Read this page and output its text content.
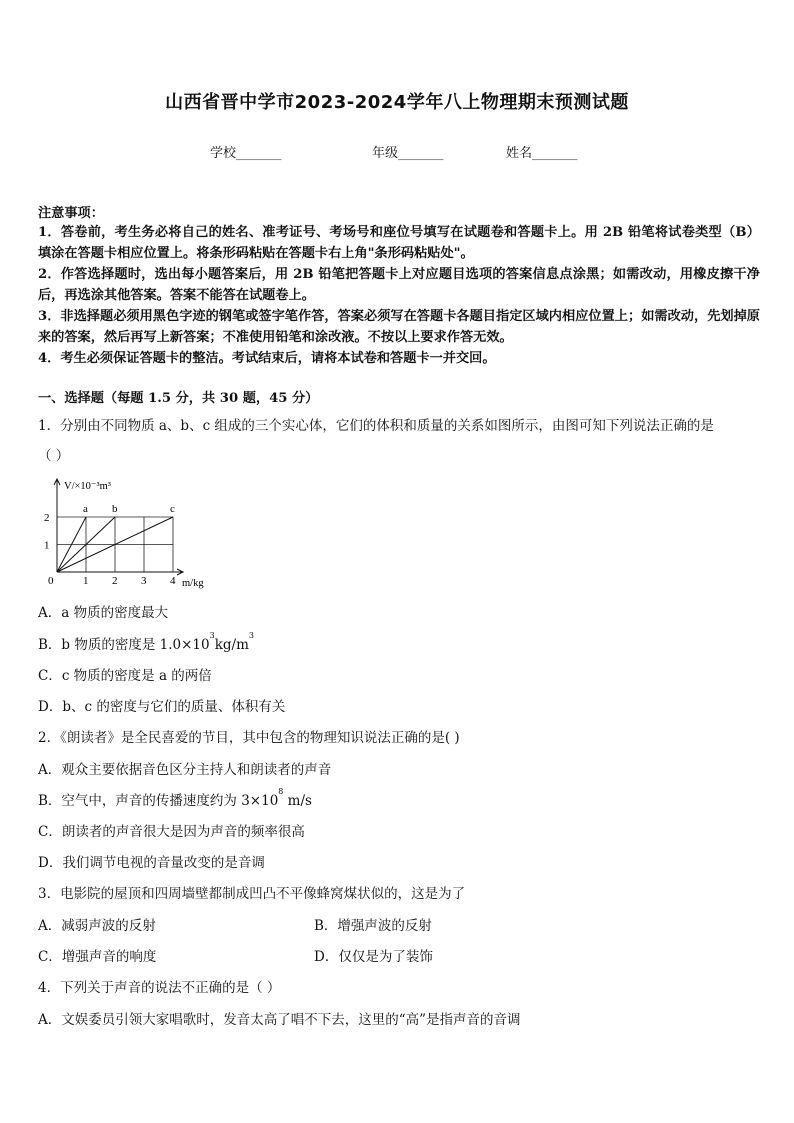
山西省晋中学市2023-2024学年八上物理期末预测试题
学校_______	年级_______	姓名_______
注意事项：
1．答卷前，考生务必将自己的姓名、准考证号、考场号和座位号填写在试题卷和答题卡上。用 2B 铅笔将试卷类型（B）填涂在答题卡相应位置上。将条形码粘贴在答题卡右上角"条形码粘贴处"。
2．作答选择题时，选出每小题答案后，用 2B 铅笔把答题卡上对应题目选项的答案信息点涂黑；如需改动，用橡皮擦干净后，再选涂其他答案。答案不能答在试题卷上。
3．非选择题必须用黑色字迹的钢笔或签字笔作答，答案必须写在答题卡各题目指定区域内相应位置上；如需改动，先划掉原来的答案，然后再写上新答案；不准使用铅笔和涂改液。不按以上要求作答无效。
4．考生必须保证答题卡的整洁。考试结束后，请将本试卷和答题卡一并交回。
一、选择题（每题 1.5 分，共 30 题，45 分）
1．分别由不同物质 a、b、c 组成的三个实心体，它们的体积和质量的关系如图所示，由图可知下列说法正确的是
（ ）
a b	c
0	1 2 3 4
1
2
V/×10⁻³m³
m/kg
A．a 物质的密度最大
B．b 物质的密度是 $1.0\times 10^3kg/m^3$
C．c 物质的密度是 a 的两倍
D．b、c 的密度与它们的质量、体积有关
2．《朗读者》是全民喜爱的节目，其中包含的物理知识说法正确的是( )
A．观众主要依据音色区分主持人和朗读者的声音
B．空气中，声音的传播速度约为 $3\times 10^8$ m/s
C．朗读者的声音很大是因为声音的频率很高
D．我们调节电视的音量改变的是音调
3．电影院的屋顶和四周墙壁都制成凹凸不平像蜂窝煤状似的，这是为了
A．减弱声波的反射	B．增强声波的反射
C．增强声音的响度	D．仅仅是为了装饰
4．下列关于声音的说法不正确的是（ ）
A．文娱委员引领大家唱歌时，发音太高了唱不下去，这里的“高”是指声音的音调
